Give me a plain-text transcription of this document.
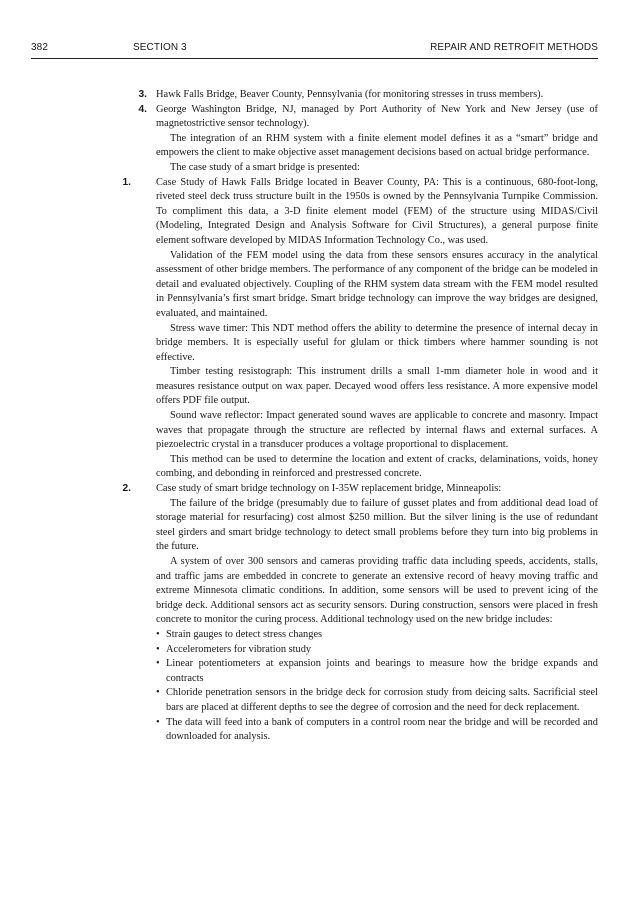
382	SECTION 3	REPAIR AND RETROFIT METHODS

3. Hawk Falls Bridge, Beaver County, Pennsylvania (for monitoring stresses in truss members).

4. George Washington Bridge, NJ, managed by Port Authority of New York and New Jersey (use of magnetostrictive sensor technology).

The integration of an RHM system with a finite element model defines it as a “smart” bridge and empowers the client to make objective asset management decisions based on actual bridge performance.

The case study of a smart bridge is presented:

1. Case Study of Hawk Falls Bridge located in Beaver County, PA: This is a continuous, 680-foot-long, riveted steel deck truss structure built in the 1950s is owned by the Pennsylvania Turnpike Commission. To compliment this data, a 3-D finite element model (FEM) of the structure using MIDAS/Civil (Modeling, Integrated Design and Analysis Software for Civil Structures), a general purpose finite element software developed by MIDAS Information Technology Co., was used.

Validation of the FEM model using the data from these sensors ensures accuracy in the analytical assessment of other bridge members. The performance of any component of the bridge can be modeled in detail and evaluated objectively. Coupling of the RHM system data stream with the FEM model resulted in Pennsylvania’s first smart bridge. Smart bridge technology can improve the way bridges are designed, evaluated, and maintained.

Stress wave timer: This NDT method offers the ability to determine the presence of internal decay in bridge members. It is especially useful for glulam or thick timbers where hammer sounding is not effective.

Timber testing resistograph: This instrument drills a small 1-mm diameter hole in wood and it measures resistance output on wax paper. Decayed wood offers less resistance. A more expensive model offers PDF file output.

Sound wave reflector: Impact generated sound waves are applicable to concrete and masonry. Impact waves that propagate through the structure are reflected by internal flaws and external surfaces. A piezoelectric crystal in a transducer produces a voltage proportional to displacement.

This method can be used to determine the location and extent of cracks, delaminations, voids, honey combing, and debonding in reinforced and prestressed concrete.

2. Case study of smart bridge technology on I-35W replacement bridge, Minneapolis:

The failure of the bridge (presumably due to failure of gusset plates and from additional dead load of storage material for resurfacing) cost almost $250 million. But the silver lining is the use of redundant steel girders and smart bridge technology to detect small problems before they turn into big problems in the future.

A system of over 300 sensors and cameras providing traffic data including speeds, accidents, stalls, and traffic jams are embedded in concrete to generate an extensive record of heavy moving traffic and extreme Minnesota climatic conditions. In addition, some sensors will be used to prevent icing of the bridge deck. Additional sensors act as security sensors. During construction, sensors were placed in fresh concrete to monitor the curing process. Additional technology used on the new bridge includes:

• Strain gauges to detect stress changes

• Accelerometers for vibration study

• Linear potentiometers at expansion joints and bearings to measure how the bridge expands and contracts

• Chloride penetration sensors in the bridge deck for corrosion study from deicing salts. Sacrificial steel bars are placed at different depths to see the degree of corrosion and the need for deck replacement.

• The data will feed into a bank of computers in a control room near the bridge and will be recorded and downloaded for analysis.
